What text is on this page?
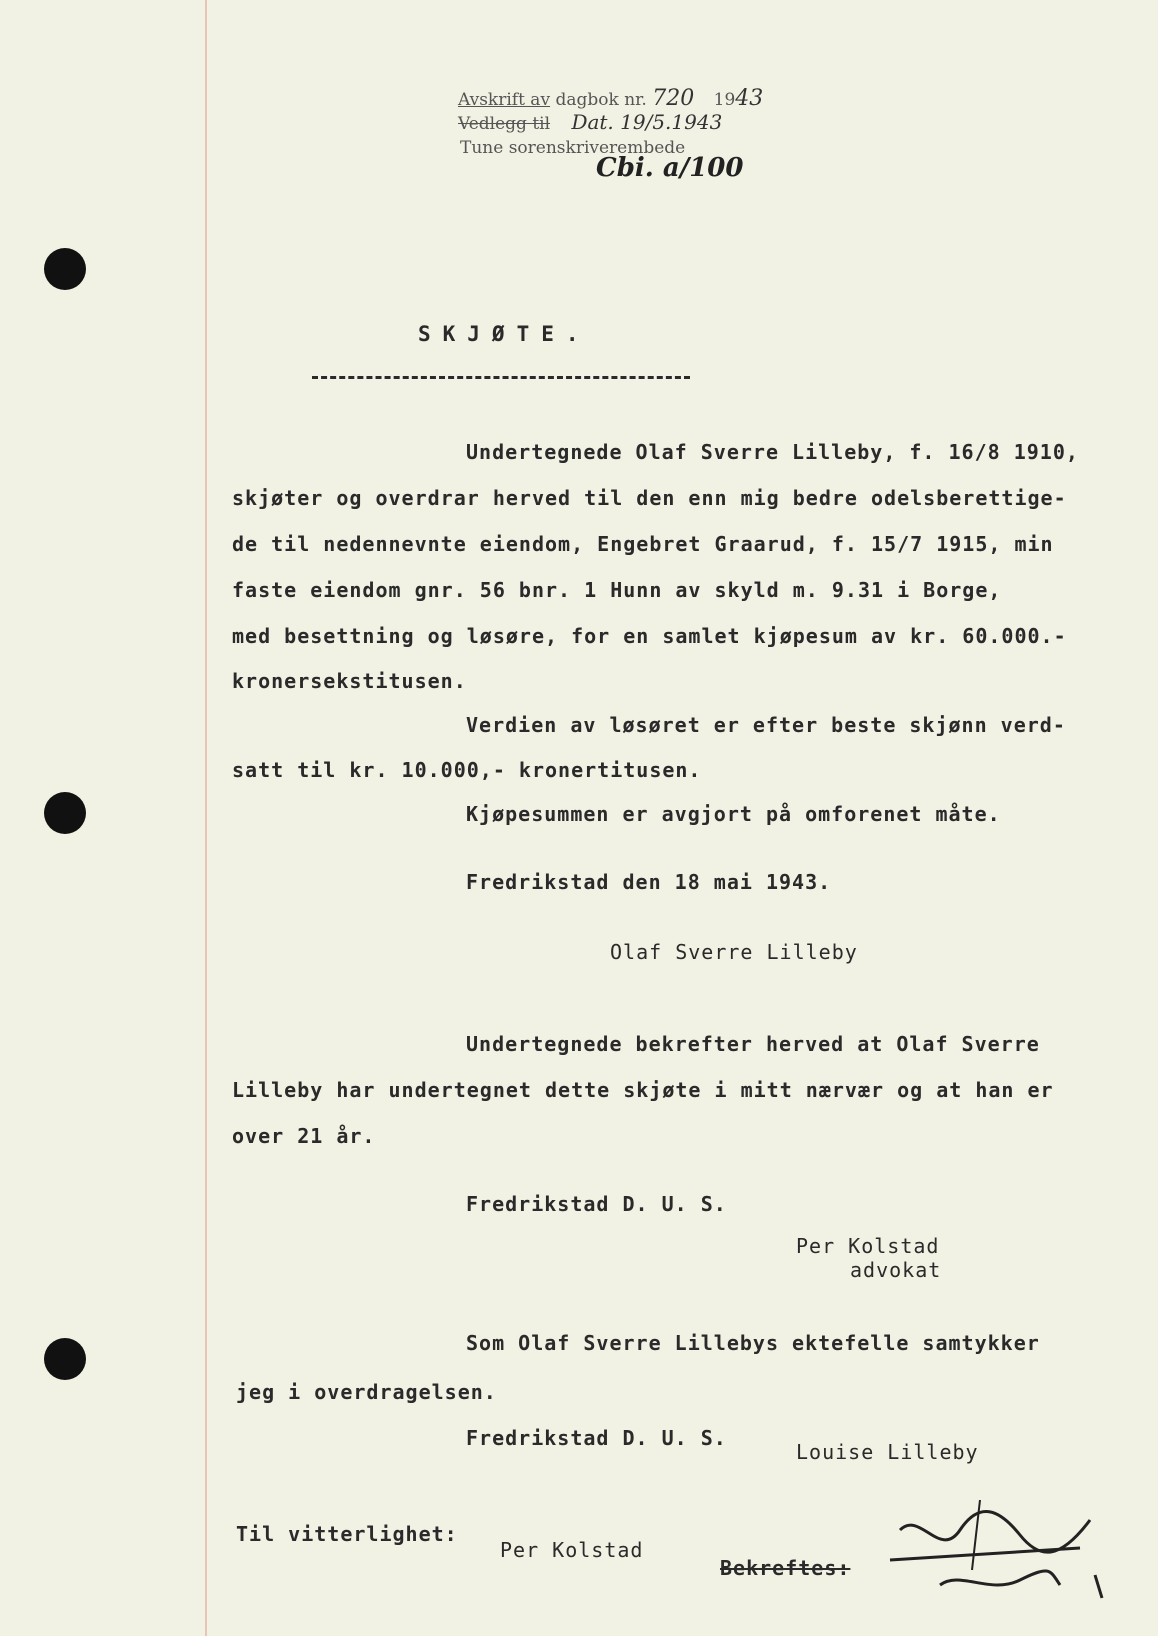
Avskrift av dagbok nr. 720 1943
Vedlegg til Dat. 19/5.1943
Tune sorenskriverembede
Cbi. a/100
SKJØTE.
Undertegnede Olaf Sverre Lilleby, f. 16/8 1910,
skjøter og overdrar herved til den enn mig bedre odelsberettige-
de til nedennevnte eiendom, Engebret Graarud, f. 15/7 1915, min
faste eiendom gnr. 56 bnr. 1 Hunn av skyld m. 9.31 i Borge,
med besettning og løsøre, for en samlet kjøpesum av kr. 60.000.-
kronersekstitusen.
Verdien av løsøret er efter beste skjønn verd-
satt til kr. 10.000,- kronertitusen.
Kjøpesummen er avgjort på omforenet måte.
Fredrikstad den 18 mai 1943.
Olaf Sverre Lilleby
Undertegnede bekrefter herved at Olaf Sverre
Lilleby har undertegnet dette skjøte i mitt nærvær og at han er
over 21 år.
Fredrikstad D. U. S.
Per Kolstad
advokat
Som Olaf Sverre Lillebys ektefelle samtykker
jeg i overdragelsen.
Fredrikstad D. U. S.
Louise Lilleby
Til vitterlighet:
Per Kolstad
Bekreftes:
